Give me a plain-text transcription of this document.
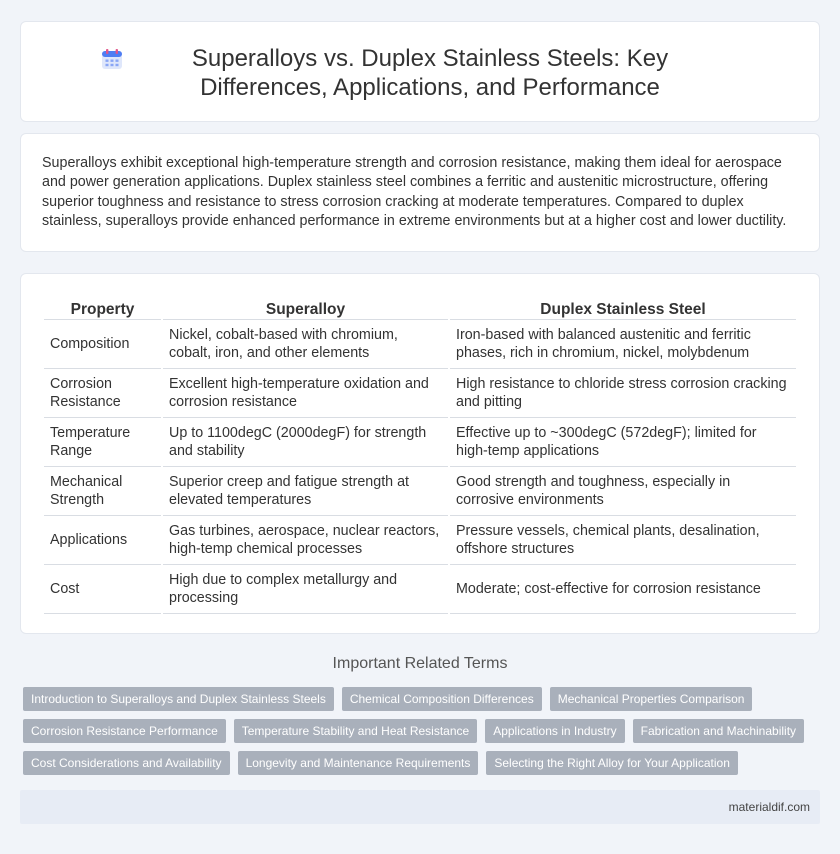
Superalloys vs. Duplex Stainless Steels: Key Differences, Applications, and Performance

Superalloys exhibit exceptional high-temperature strength and corrosion resistance, making them ideal for aerospace and power generation applications. Duplex stainless steel combines a ferritic and austenitic microstructure, offering superior toughness and resistance to stress corrosion cracking at moderate temperatures. Compared to duplex stainless, superalloys provide enhanced performance in extreme environments but at a higher cost and lower ductility.

Property	Superalloy	Duplex Stainless Steel
Composition	Nickel, cobalt-based with chromium, cobalt, iron, and other elements	Iron-based with balanced austenitic and ferritic phases, rich in chromium, nickel, molybdenum
Corrosion Resistance	Excellent high-temperature oxidation and corrosion resistance	High resistance to chloride stress corrosion cracking and pitting
Temperature Range	Up to 1100degC (2000degF) for strength and stability	Effective up to ~300degC (572degF); limited for high-temp applications
Mechanical Strength	Superior creep and fatigue strength at elevated temperatures	Good strength and toughness, especially in corrosive environments
Applications	Gas turbines, aerospace, nuclear reactors, high-temp chemical processes	Pressure vessels, chemical plants, desalination, offshore structures
Cost	High due to complex metallurgy and processing	Moderate; cost-effective for corrosion resistance
Important Related Terms
Introduction to Superalloys and Duplex Stainless Steels	Chemical Composition Differences	Mechanical Properties Comparison
Corrosion Resistance Performance	Temperature Stability and Heat Resistance	Applications in Industry	Fabrication and Machinability
Cost Considerations and Availability	Longevity and Maintenance Requirements	Selecting the Right Alloy for Your Application
materialdif.com
